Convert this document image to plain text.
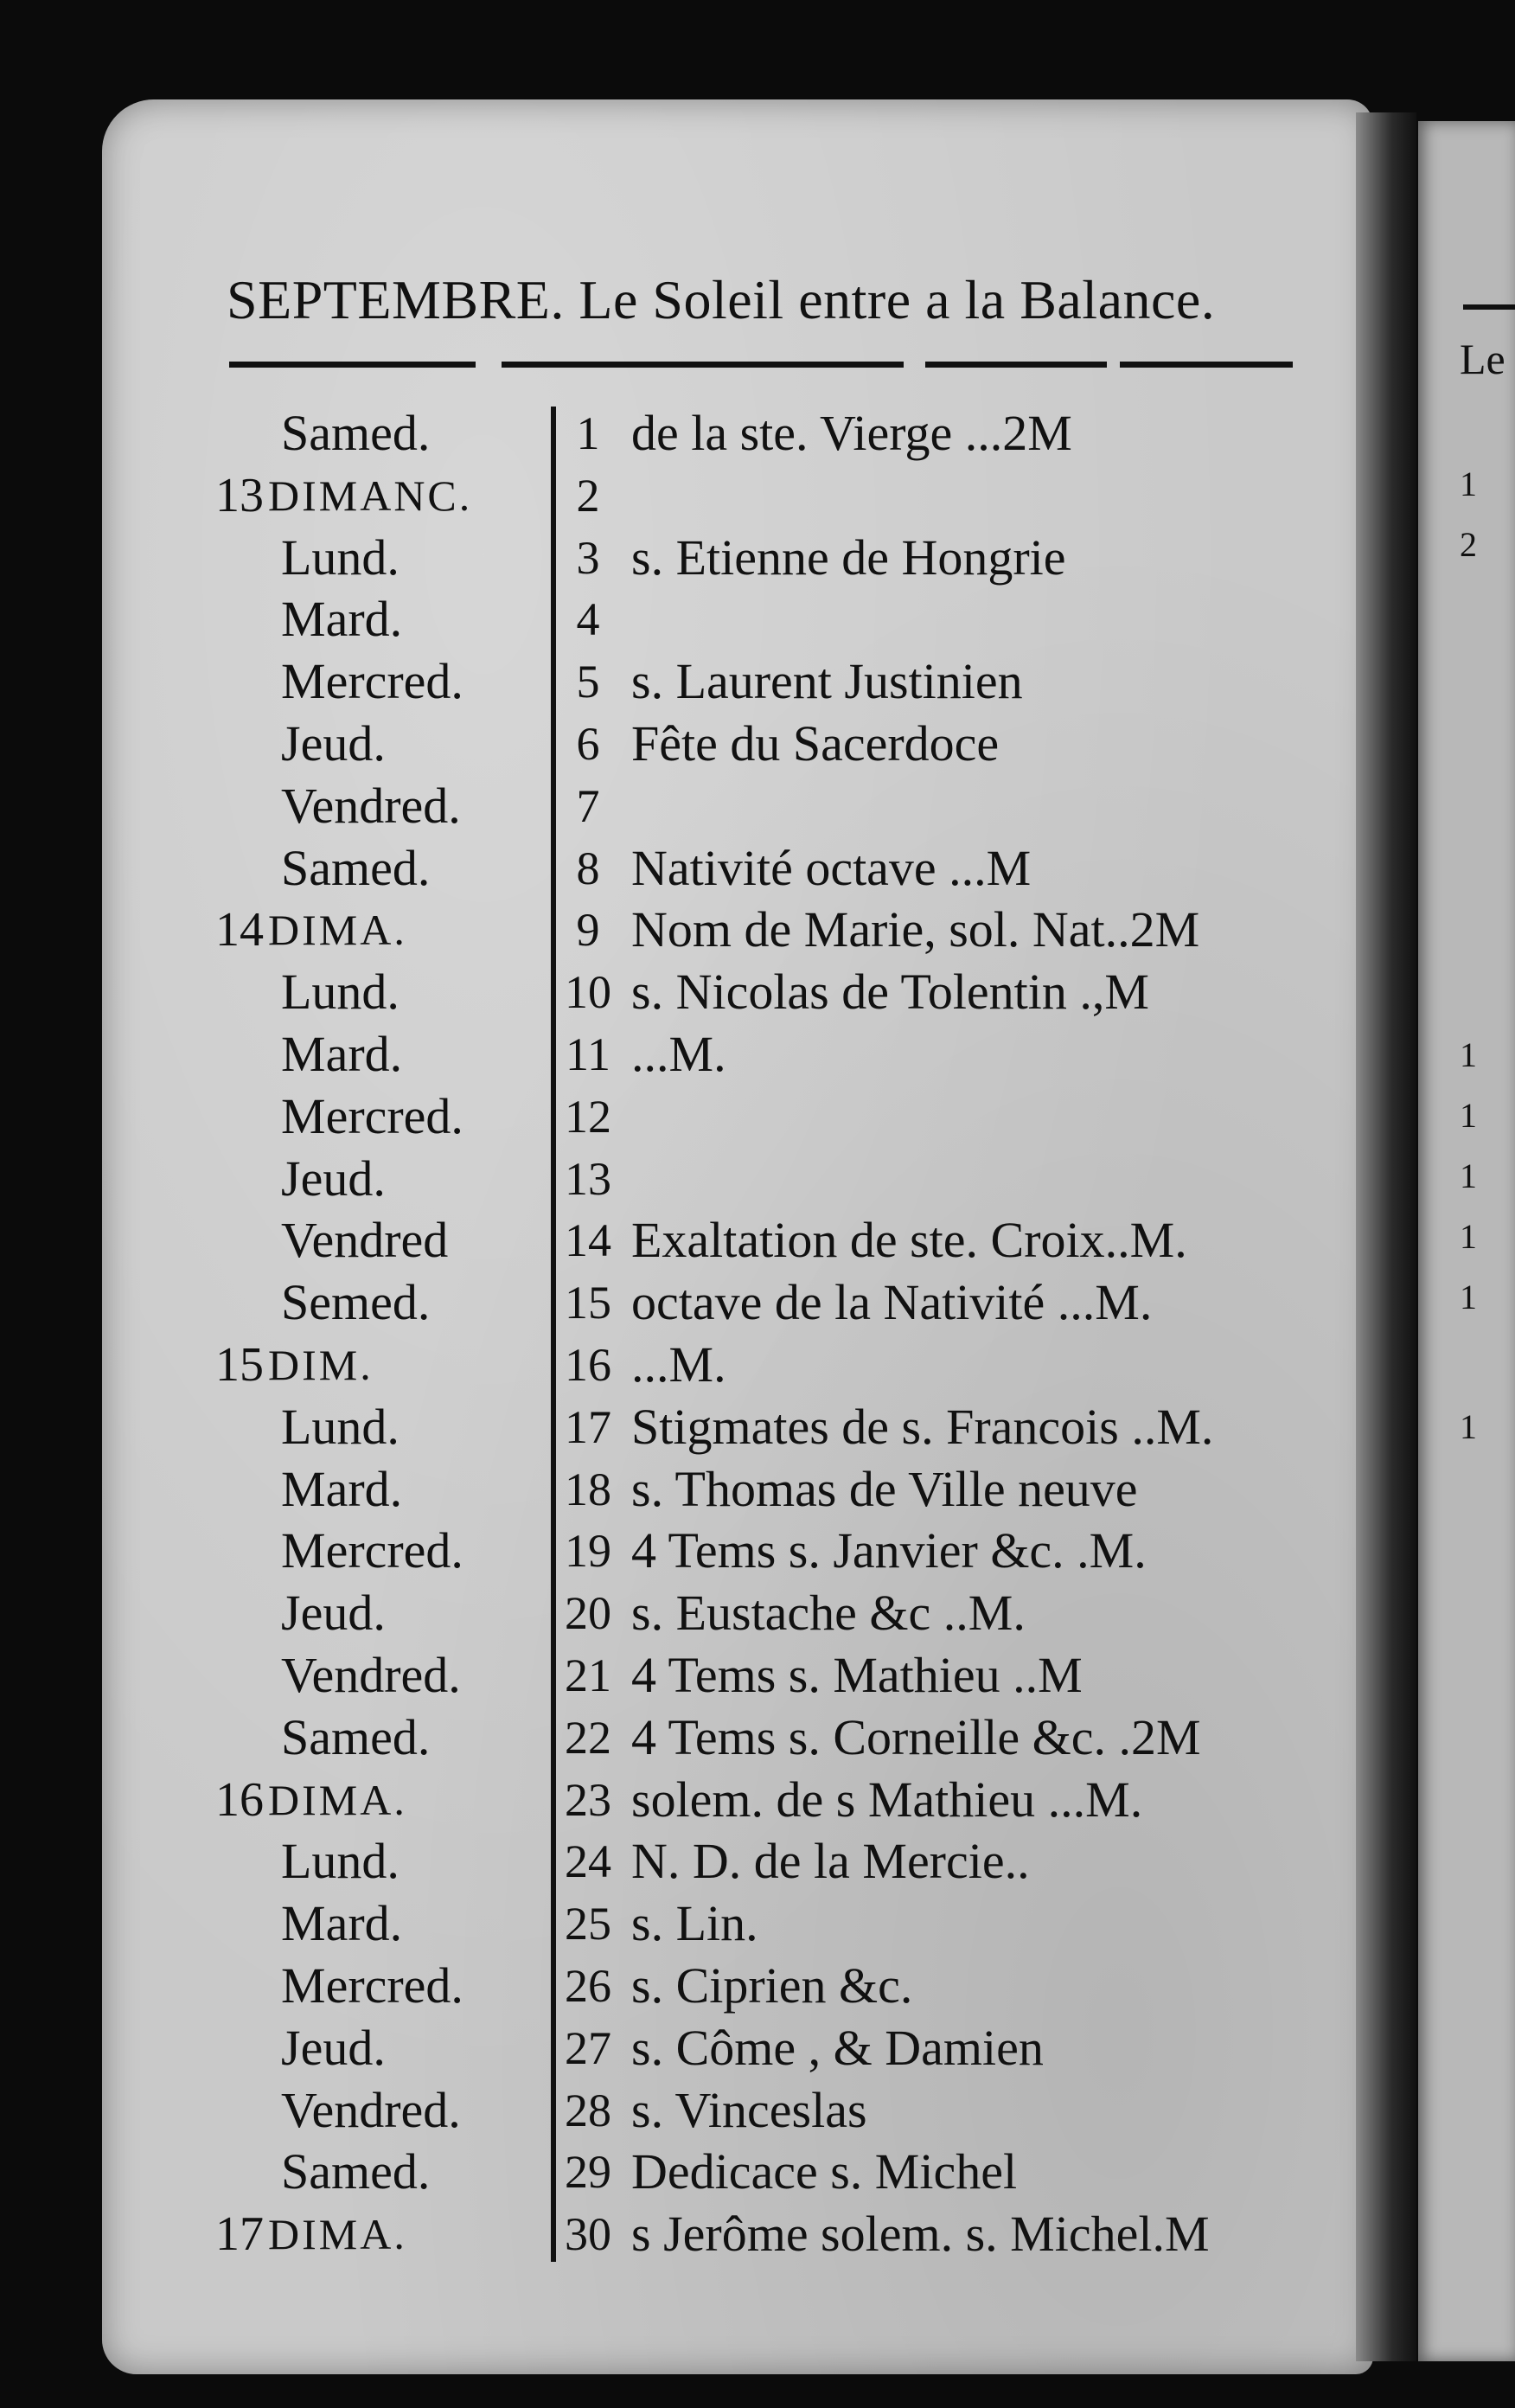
Le
1
2
1
1
1
1
1
1
SEPTEMBRE. Le Soleil entre a la Balance.
Samed.	1 de la ste. Vierge ...2M
13 DIMANC.	2
Lund.	3 s. Etienne de Hongrie
Mard.	4
Mercred.	5 s. Laurent Justinien
Jeud.	6 Fête du Sacerdoce
Vendred.	7
Samed.	8 Nativité octave ...M
14 DIMA.	9 Nom de Marie, sol. Nat..2M
Lund.	10 s. Nicolas de Tolentin .,M
Mard.	11 ...M.
Mercred. 12
Jeud.	13
Vendred 14 Exaltation de ste. Croix..M.
Semed.	15 octave de la Nativité ...M.
15 DIM.	16 ...M.
Lund.	17 Stigmates de s. Francois ..M.
Mard.	18 s. Thomas de Ville neuve
Mercred. 19 4 Tems s. Janvier &c. .M.
Jeud.	20 s. Eustache &c ..M.
Vendred. 21 4 Tems s. Mathieu ..M
Samed.	22 4 Tems s. Corneille &c. .2M
16 DIMA.	23 solem. de s Mathieu ...M.
Lund.	24 N. D. de la Mercie..
Mard.	25 s. Lin.
Mercred. 26 s. Ciprien &c.
Jeud.	27 s. Côme , & Damien
Vendred. 28 s. Vinceslas
Samed.	29 Dedicace s. Michel
17 DIMA.	30 s Jerôme solem. s. Michel.M
